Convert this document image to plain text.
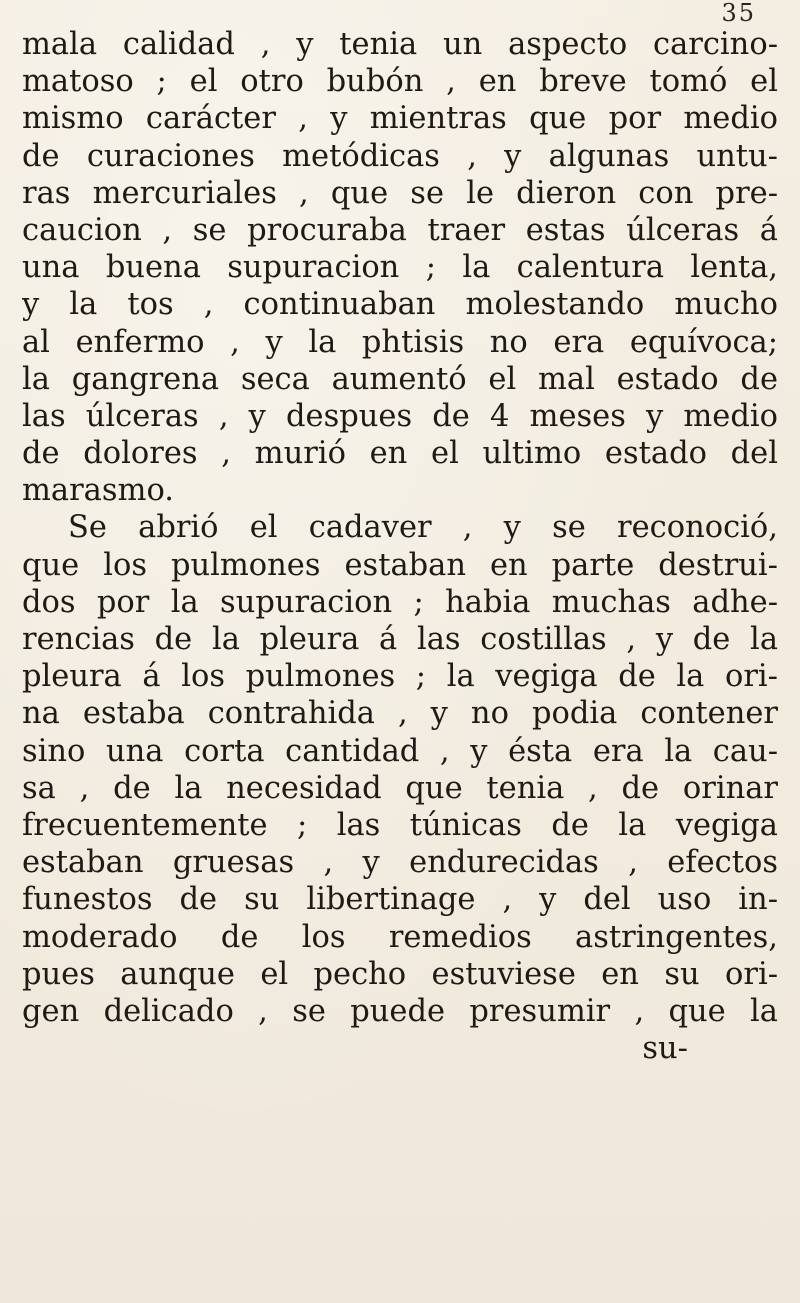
35
mala calidad , y tenia un aspecto carcino-
matoso ; el otro bubón , en breve tomó el
mismo carácter , y mientras que por medio
de curaciones metódicas , y algunas untu-
ras mercuriales , que se le dieron con pre-
caucion , se procuraba traer estas úlceras á
una buena supuracion ; la calentura lenta,
y la tos , continuaban molestando mucho
al enfermo , y la phtisis no era equívoca;
la gangrena seca aumentó el mal estado de
las úlceras , y despues de 4 meses y medio
de dolores , murió en el ultimo estado del
marasmo.
Se abrió el cadaver , y se reconoció,
que los pulmones estaban en parte destrui-
dos por la supuracion ; habia muchas adhe-
rencias de la pleura á las costillas , y de la
pleura á los pulmones ; la vegiga de la ori-
na estaba contrahida , y no podia contener
sino una corta cantidad , y ésta era la cau-
sa , de la necesidad que tenia , de orinar
frecuentemente ; las túnicas de la vegiga
estaban gruesas , y endurecidas , efectos
funestos de su libertinage , y del uso in-
moderado de los remedios astringentes,
pues aunque el pecho estuviese en su ori-
gen delicado , se puede presumir , que la
su-
